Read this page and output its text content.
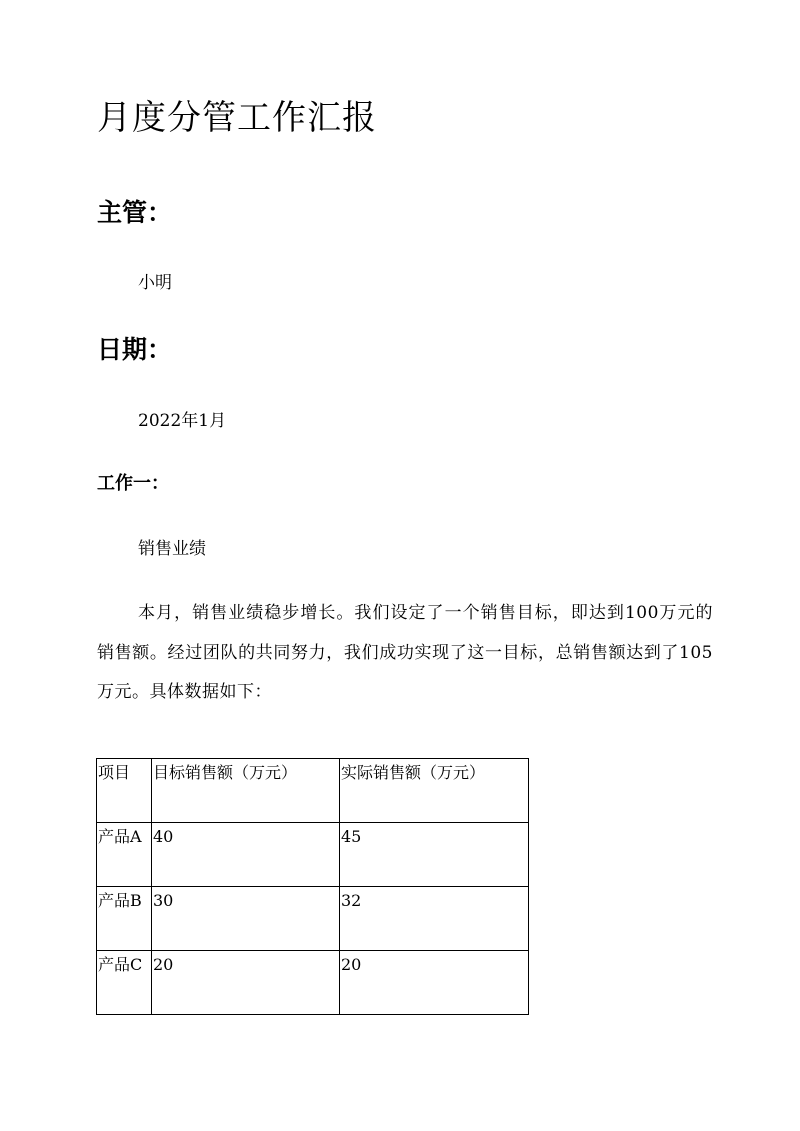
月度分管工作汇报
主管：

小明

日期：

2022年1月

工作一：

销售业绩

本月，销售业绩稳步增长。我们设定了一个销售目标，即达到100万元的销售额。经过团队的共同努力，我们成功实现了这一目标，总销售额达到了105万元。具体数据如下：

项目	目标销售额（万元）	实际销售额（万元）
产品A	40	45
产品B	30	32
产品C	20	20
